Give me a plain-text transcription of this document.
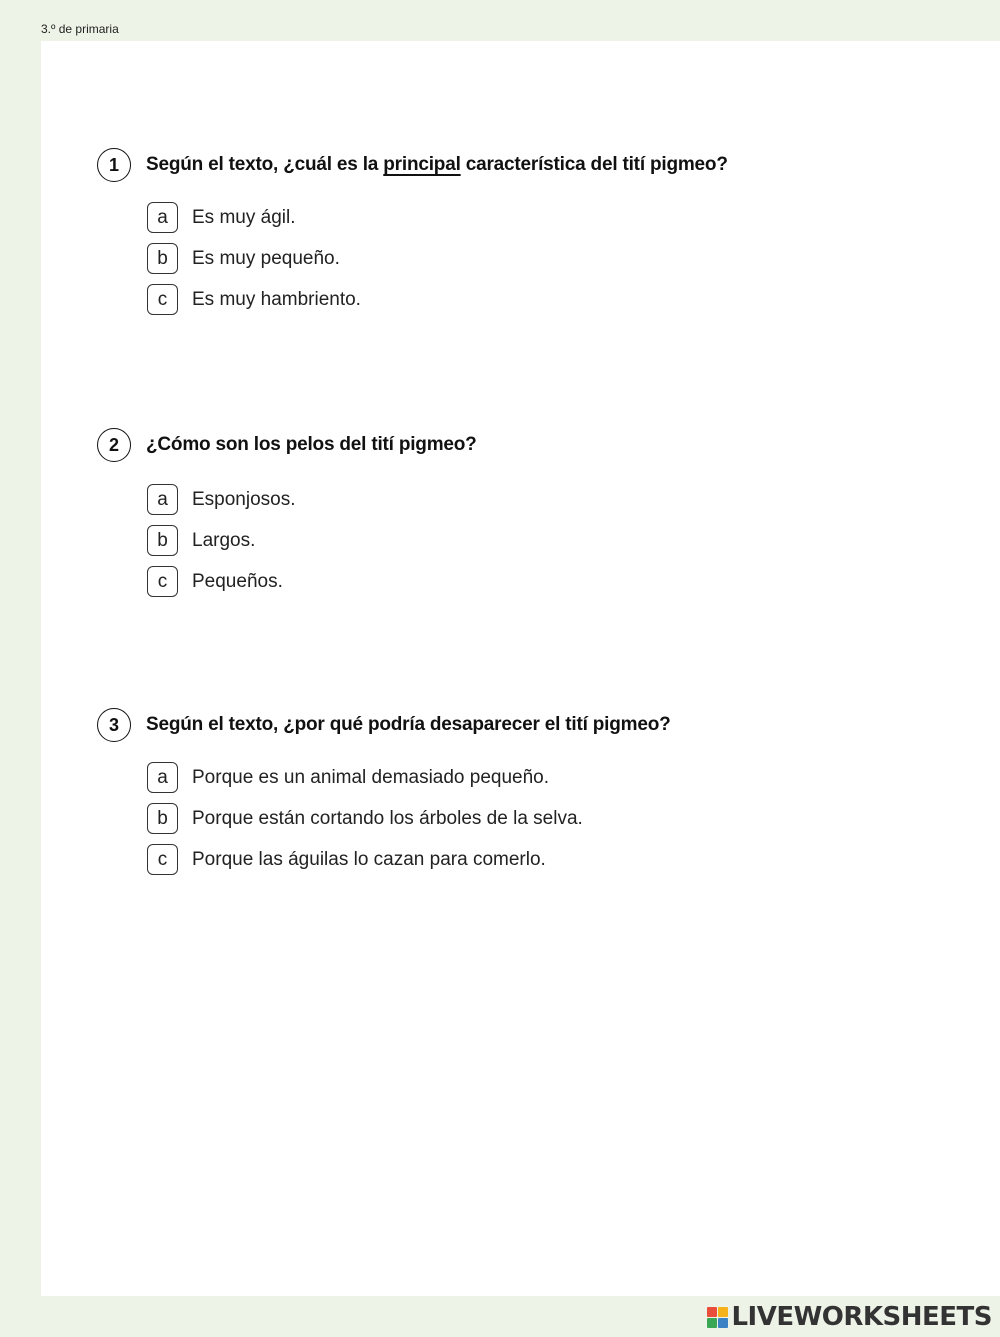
3.º de primaria
1	Según el texto, ¿cuál es la principal característica del tití pigmeo?
a	Es muy ágil.
b	Es muy pequeño.
c	Es muy hambriento.
2	¿Cómo son los pelos del tití pigmeo?
a	Esponjosos.
b	Largos.
c	Pequeños.
3	Según el texto, ¿por qué podría desaparecer el tití pigmeo?
a	Porque es un animal demasiado pequeño.
b	Porque están cortando los árboles de la selva.
c	Porque las águilas lo cazan para comerlo.
LIVEWORKSHEETS
